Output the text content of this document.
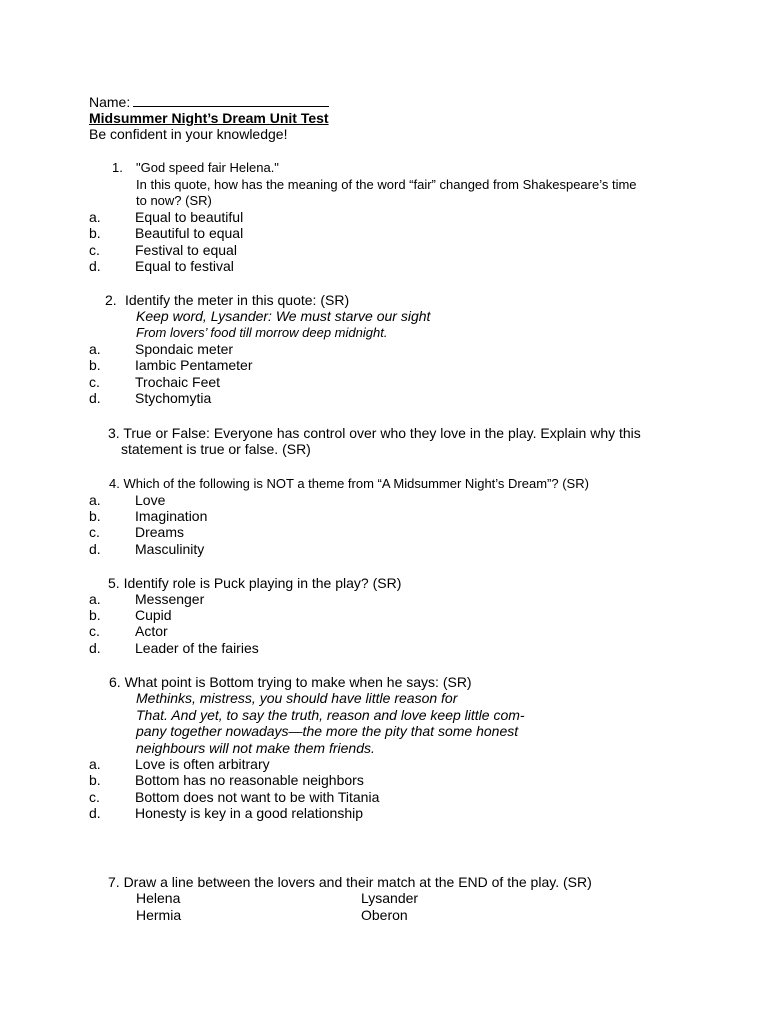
Name:
Midsummer Night’s Dream Unit Test
Be confident in your knowledge!
1. "God speed fair Helena."
In this quote, how has the meaning of the word “fair” changed from Shakespeare’s time
to now? (SR)
a. Equal to beautiful
b. Beautiful to equal
c.	Festival to equal
d. Equal to festival
2. Identify the meter in this quote: (SR)
Keep word, Lysander: We must starve our sight
From lovers’ food till morrow deep midnight.
a. Spondaic meter
b. Iambic Pentameter
c.	Trochaic Feet
d. Stychomytia
3. True or False: Everyone has control over who they love in the play. Explain why this
statement is true or false. (SR)
4. Which of the following is NOT a theme from “A Midsummer Night’s Dream”? (SR)
a. Love
b. Imagination
c.	Dreams
d. Masculinity
5. Identify role is Puck playing in the play? (SR)
a. Messenger
b. Cupid
c.	Actor
d. Leader of the fairies
6. What point is Bottom trying to make when he says: (SR)
Methinks, mistress, you should have little reason for
That. And yet, to say the truth, reason and love keep little com-
pany together nowadays—the more the pity that some honest
neighbours will not make them friends.
a. Love is often arbitrary
b. Bottom has no reasonable neighbors
c.	Bottom does not want to be with Titania
d. Honesty is key in a good relationship
7. Draw a line between the lovers and their match at the END of the play. (SR)
Helena	Lysander
Hermia	Oberon
